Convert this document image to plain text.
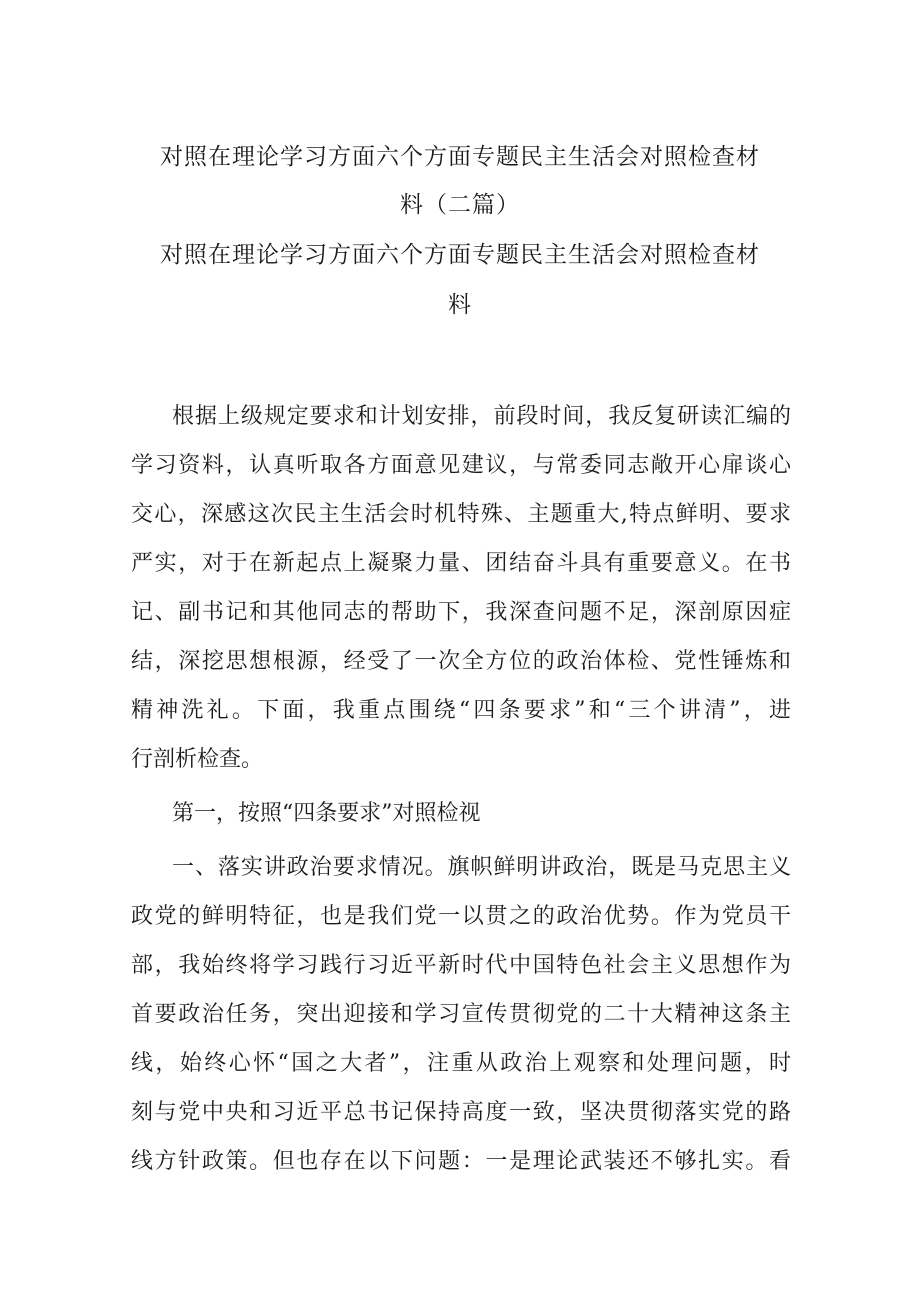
对照在理论学习方面六个方面专题民主生活会对照检查材
料（二篇）
对照在理论学习方面六个方面专题民主生活会对照检查材
料
根据上级规定要求和计划安排，前段时间，我反复研读汇编的
学习资料，认真听取各方面意见建议，与常委同志敞开心扉谈心
交心，深感这次民主生活会时机特殊、主题重大,特点鲜明、要求
严实，对于在新起点上凝聚力量、团结奋斗具有重要意义。在书
记、副书记和其他同志的帮助下，我深查问题不足，深剖原因症
结，深挖思想根源，经受了一次全方位的政治体检、党性锤炼和
精神洗礼。下面，我重点围绕“四条要求”和“三个讲清”，进
行剖析检查。
第一，按照“四条要求”对照检视
一、落实讲政治要求情况。旗帜鲜明讲政治，既是马克思主义
政党的鲜明特征，也是我们党一以贯之的政治优势。作为党员干
部，我始终将学习践行习近平新时代中国特色社会主义思想作为
首要政治任务，突出迎接和学习宣传贯彻党的二十大精神这条主
线，始终心怀“国之大者”，注重从政治上观察和处理问题，时
刻与党中央和习近平总书记保持高度一致，坚决贯彻落实党的路
线方针政策。但也存在以下问题：一是理论武装还不够扎实。看
